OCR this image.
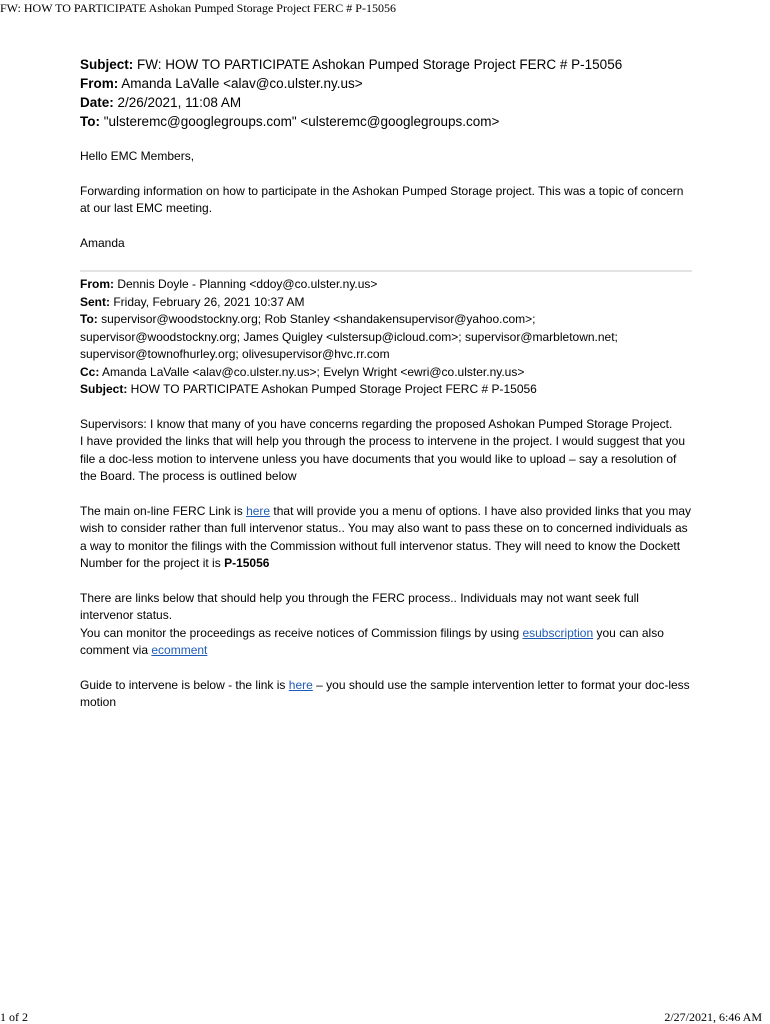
FW: HOW TO PARTICIPATE Ashokan Pumped Storage Project FERC # P-15056
Subject: FW: HOW TO PARTICIPATE Ashokan Pumped Storage Project FERC # P-15056
From: Amanda LaValle <alav@co.ulster.ny.us>
Date: 2/26/2021, 11:08 AM
To: "ulsteremc@googlegroups.com" <ulsteremc@googlegroups.com>

Hello EMC Members,

Forwarding information on how to participate in the Ashokan Pumped Storage project. This was a topic of concern at our last EMC meeting.

Amanda

From: Dennis Doyle - Planning <ddoy@co.ulster.ny.us>
Sent: Friday, February 26, 2021 10:37 AM
To: supervisor@woodstockny.org; Rob Stanley <shandakensupervisor@yahoo.com>; supervisor@woodstockny.org; James Quigley <ulstersup@icloud.com>; supervisor@marbletown.net; supervisor@townofhurley.org; olivesupervisor@hvc.rr.com
Cc: Amanda LaValle <alav@co.ulster.ny.us>; Evelyn Wright <ewri@co.ulster.ny.us>
Subject: HOW TO PARTICIPATE Ashokan Pumped Storage Project FERC # P-15056

Supervisors: I know that many of you have concerns regarding the proposed Ashokan Pumped Storage Project.

I have provided the links that will help you through the process to intervene in the project. I would suggest that you file a doc-less motion to intervene unless you have documents that you would like to upload – say a resolution of the Board. The process is outlined below

The main on-line FERC Link is here that will provide you a menu of options. I have also provided links that you may wish to consider rather than full intervenor status.. You may also want to pass these on to concerned individuals as a way to monitor the filings with the Commission without full intervenor status. They will need to know the Dockett Number for the project it is P-15056

There are links below that should help you through the FERC process.. Individuals may not want seek full intervenor status.

You can monitor the proceedings as receive notices of Commission filings by using esubscription you can also comment via ecomment

Guide to intervene is below - the link is here – you should use the sample intervention letter to format your doc-less motion

1 of 2	2/27/2021, 6:46 AM
